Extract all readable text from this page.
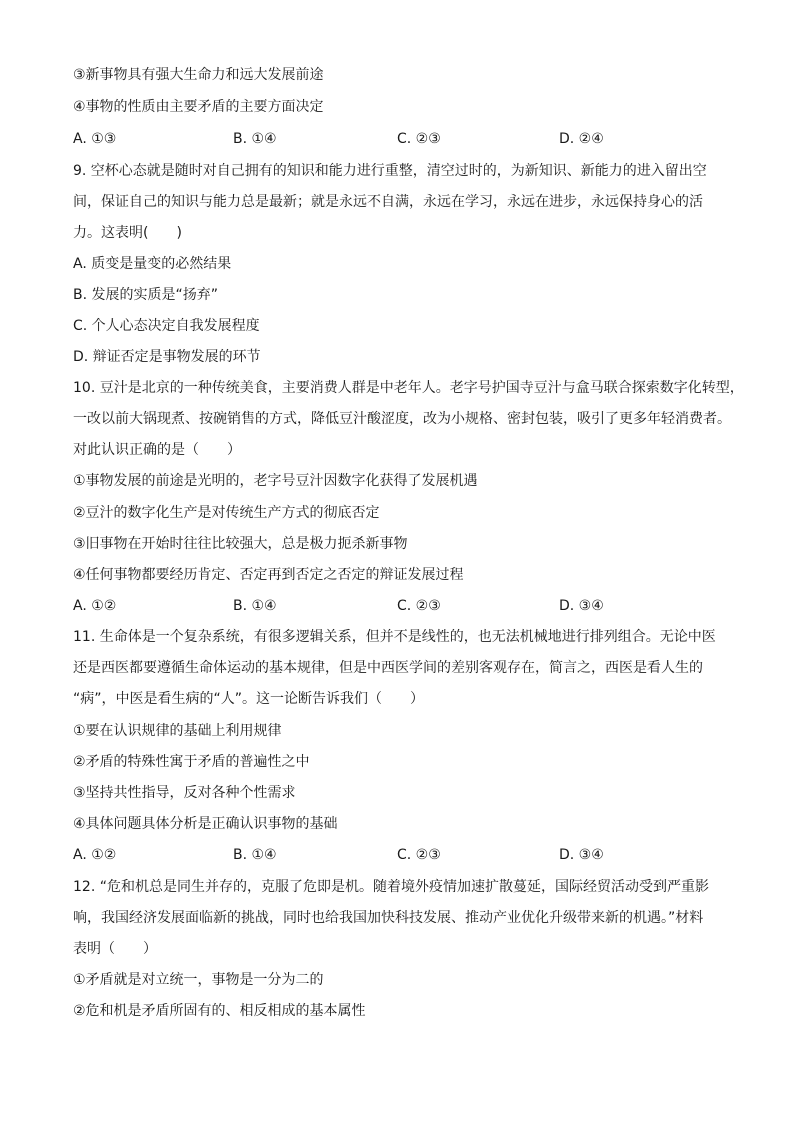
③新事物具有强大生命力和远大发展前途
④事物的性质由主要矛盾的主要方面决定
A. ①③	B. ①④	C. ②③	D. ②④
9. 空杯心态就是随时对自己拥有的知识和能力进行重整，清空过时的，为新知识、新能力的进入留出空
间，保证自己的知识与能力总是最新；就是永远不自满，永远在学习，永远在进步，永远保持身心的活
力。这表明(　　)
A. 质变是量变的必然结果
B. 发展的实质是“扬弃”
C. 个人心态决定自我发展程度
D. 辩证否定是事物发展的环节
10. 豆汁是北京的一种传统美食，主要消费人群是中老年人。老字号护国寺豆汁与盒马联合探索数字化转型，
一改以前大锅现煮、按碗销售的方式，降低豆汁酸涩度，改为小规格、密封包装，吸引了更多年轻消费者。
对此认识正确的是（　　）
①事物发展的前途是光明的，老字号豆汁因数字化获得了发展机遇
②豆汁的数字化生产是对传统生产方式的彻底否定
③旧事物在开始时往往比较强大，总是极力扼杀新事物
④任何事物都要经历肯定、否定再到否定之否定的辩证发展过程
A. ①②	B. ①④	C. ②③	D. ③④
11. 生命体是一个复杂系统，有很多逻辑关系，但并不是线性的，也无法机械地进行排列组合。无论中医
还是西医都要遵循生命体运动的基本规律，但是中西医学间的差别客观存在，简言之，西医是看人生的
“病”，中医是看生病的“人”。这一论断告诉我们（　　）
①要在认识规律的基础上利用规律
②矛盾的特殊性寓于矛盾的普遍性之中
③坚持共性指导，反对各种个性需求
④具体问题具体分析是正确认识事物的基础
A. ①②	B. ①④	C. ②③	D. ③④
12. “危和机总是同生并存的，克服了危即是机。随着境外疫情加速扩散蔓延，国际经贸活动受到严重影
响，我国经济发展面临新的挑战，同时也给我国加快科技发展、推动产业优化升级带来新的机遇。”材料
表明（　　）
①矛盾就是对立统一，事物是一分为二的
②危和机是矛盾所固有的、相反相成的基本属性
